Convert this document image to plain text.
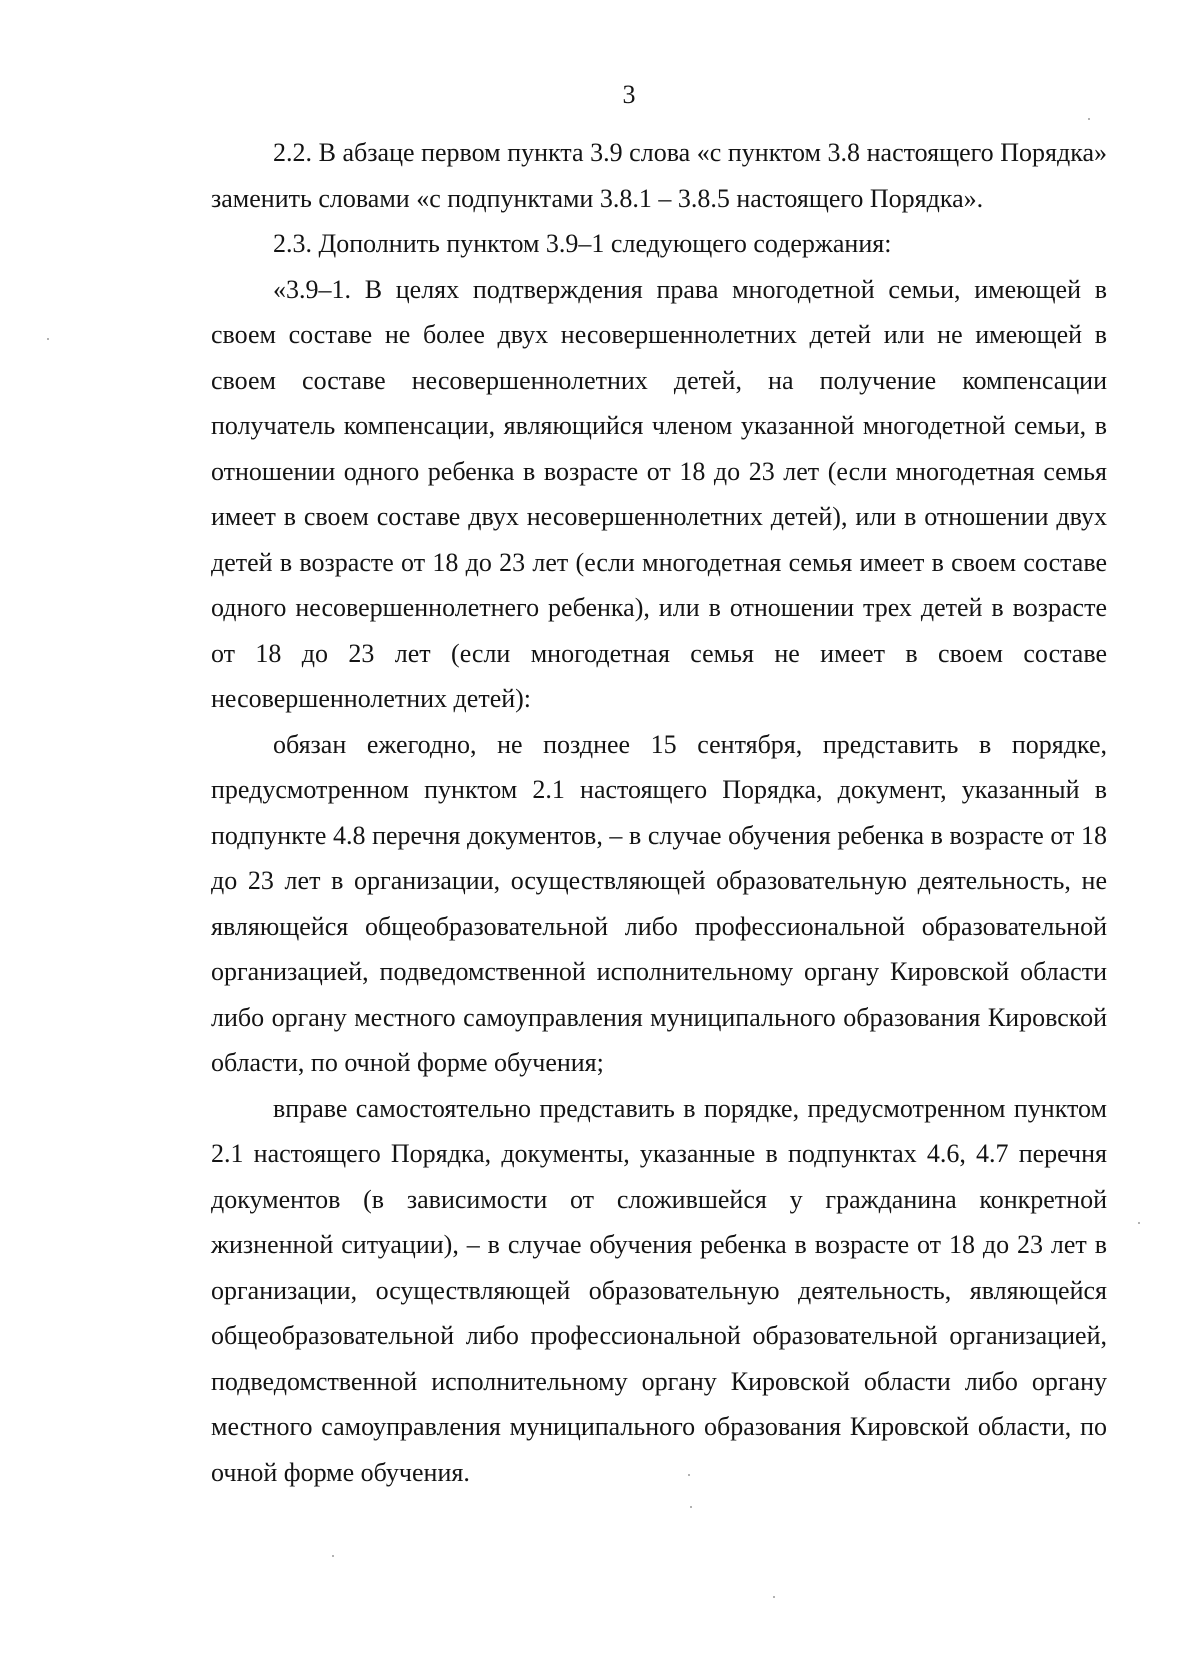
3

2.2. В абзаце первом пункта 3.9 слова «с пунктом 3.8 настоящего Порядка» заменить словами «с подпунктами 3.8.1 – 3.8.5 настоящего Порядка».

2.3. Дополнить пунктом 3.9–1 следующего содержания:

«3.9–1. В целях подтверждения права многодетной семьи, имеющей в своем составе не более двух несовершеннолетних детей или не имеющей в своем составе несовершеннолетних детей, на получение компенсации получатель компенсации, являющийся членом указанной многодетной семьи, в отношении одного ребенка в возрасте от 18 до 23 лет (если многодетная семья имеет в своем составе двух несовершеннолетних детей), или в отношении двух детей в возрасте от 18 до 23 лет (если многодетная семья имеет в своем составе одного несовершеннолетнего ребенка), или в отношении трех детей в возрасте от 18 до 23 лет (если многодетная семья не имеет в своем составе несовершеннолетних детей):

обязан ежегодно, не позднее 15 сентября, представить в порядке, предусмотренном пунктом 2.1 настоящего Порядка, документ, указанный в подпункте 4.8 перечня документов, – в случае обучения ребенка в возрасте от 18 до 23 лет в организации, осуществляющей образовательную деятельность, не являющейся общеобразовательной либо профессиональной образовательной организацией, подведомственной исполнительному органу Кировской области либо органу местного самоуправления муниципального образования Кировской области, по очной форме обучения;

вправе самостоятельно представить в порядке, предусмотренном пунктом 2.1 настоящего Порядка, документы, указанные в подпунктах 4.6, 4.7 перечня документов (в зависимости от сложившейся у гражданина конкретной жизненной ситуации), – в случае обучения ребенка в возрасте от 18 до 23 лет в организации, осуществляющей образовательную деятельность, являющейся общеобразовательной либо профессиональной образовательной организацией, подведомственной исполнительному органу Кировской области либо органу местного самоуправления муниципального образования Кировской области, по очной форме обучения.
